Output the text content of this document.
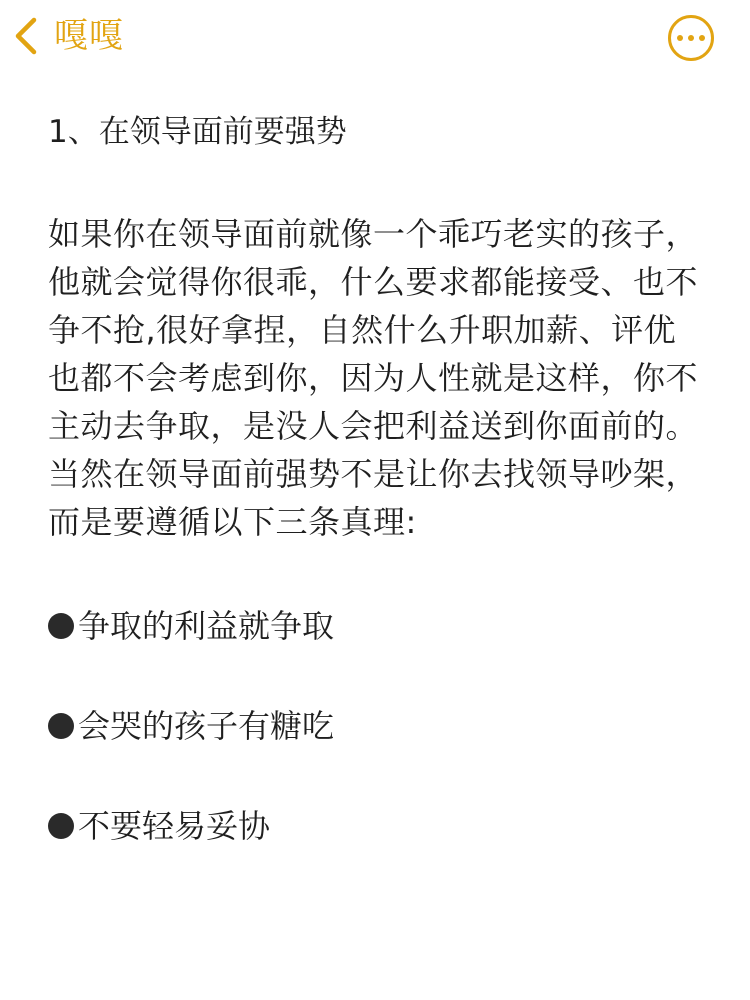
嘎嘎

1、在领导面前要强势

如果你在领导面前就像一个乖巧老实的孩子，他就会觉得你很乖，什么要求都能接受、也不争不抢,很好拿捏，自然什么升职加薪、评优也都不会考虑到你，因为人性就是这样，你不主动去争取，是没人会把利益送到你面前的。当然在领导面前强势不是让你去找领导吵架，而是要遵循以下三条真理:

争取的利益就争取
会哭的孩子有糖吃
不要轻易妥协
